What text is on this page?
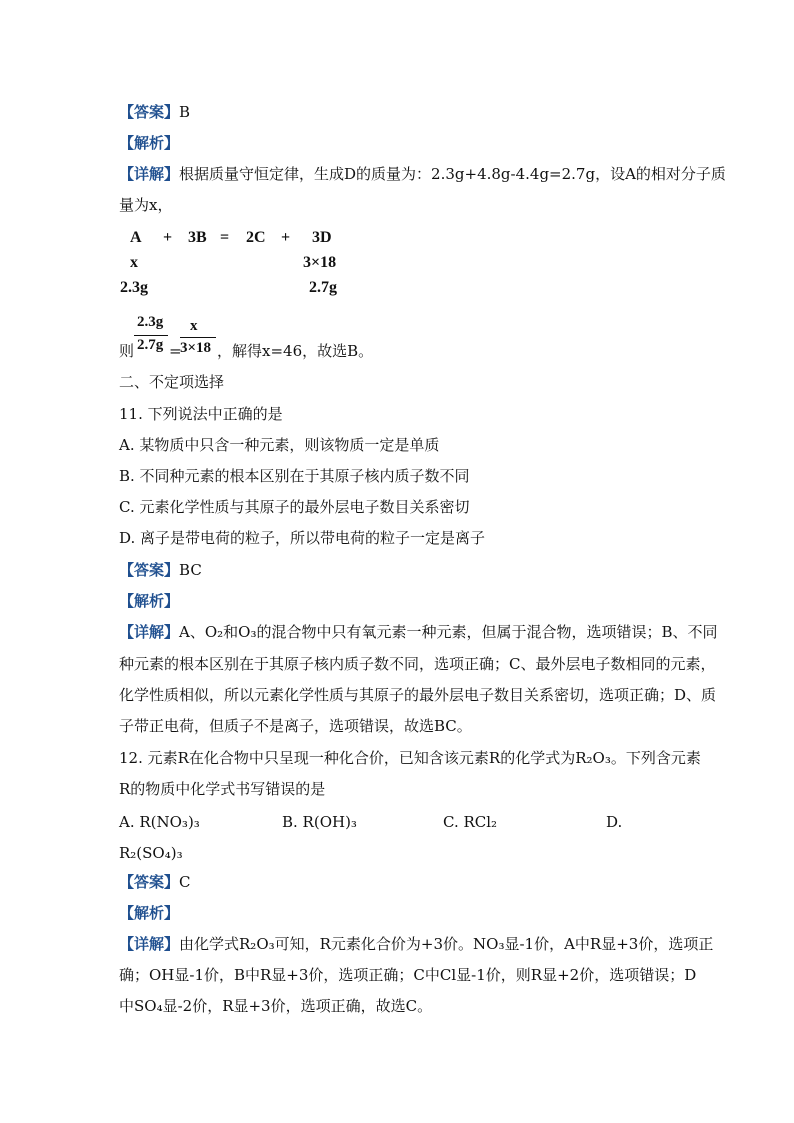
【答案】B
【解析】
【详解】根据质量守恒定律，生成D的质量为：2.3g+4.8g-4.4g=2.7g，设A的相对分子质
量为x，
A + 3B = 2C + 3D
x	3×18
2.3g	2.7g
2.3g
2.7g
x
3×18
则 = ，解得x=46，故选B。
二、不定项选择
11. 下列说法中正确的是
A. 某物质中只含一种元素，则该物质一定是单质
B. 不同种元素的根本区别在于其原子核内质子数不同
C. 元素化学性质与其原子的最外层电子数目关系密切
D. 离子是带电荷的粒子，所以带电荷的粒子一定是离子
【答案】BC
【解析】
【详解】A、O₂和O₃的混合物中只有氧元素一种元素，但属于混合物，选项错误；B、不同
种元素的根本区别在于其原子核内质子数不同，选项正确；C、最外层电子数相同的元素，
化学性质相似，所以元素化学性质与其原子的最外层电子数目关系密切，选项正确；D、质
子带正电荷，但质子不是离子，选项错误，故选BC。
12. 元素R在化合物中只呈现一种化合价，已知含该元素R的化学式为R₂O₃。下列含元素
R的物质中化学式书写错误的是
A. R(NO₃)₃	B. R(OH)₃	C. RCl₂	D.
R₂(SO₄)₃
【答案】C
【解析】
【详解】由化学式R₂O₃可知，R元素化合价为+3价。NO₃显-1价，A中R显+3价，选项正
确；OH显-1价，B中R显+3价，选项正确；C中Cl显-1价，则R显+2价，选项错误；D
中SO₄显-2价，R显+3价，选项正确，故选C。
